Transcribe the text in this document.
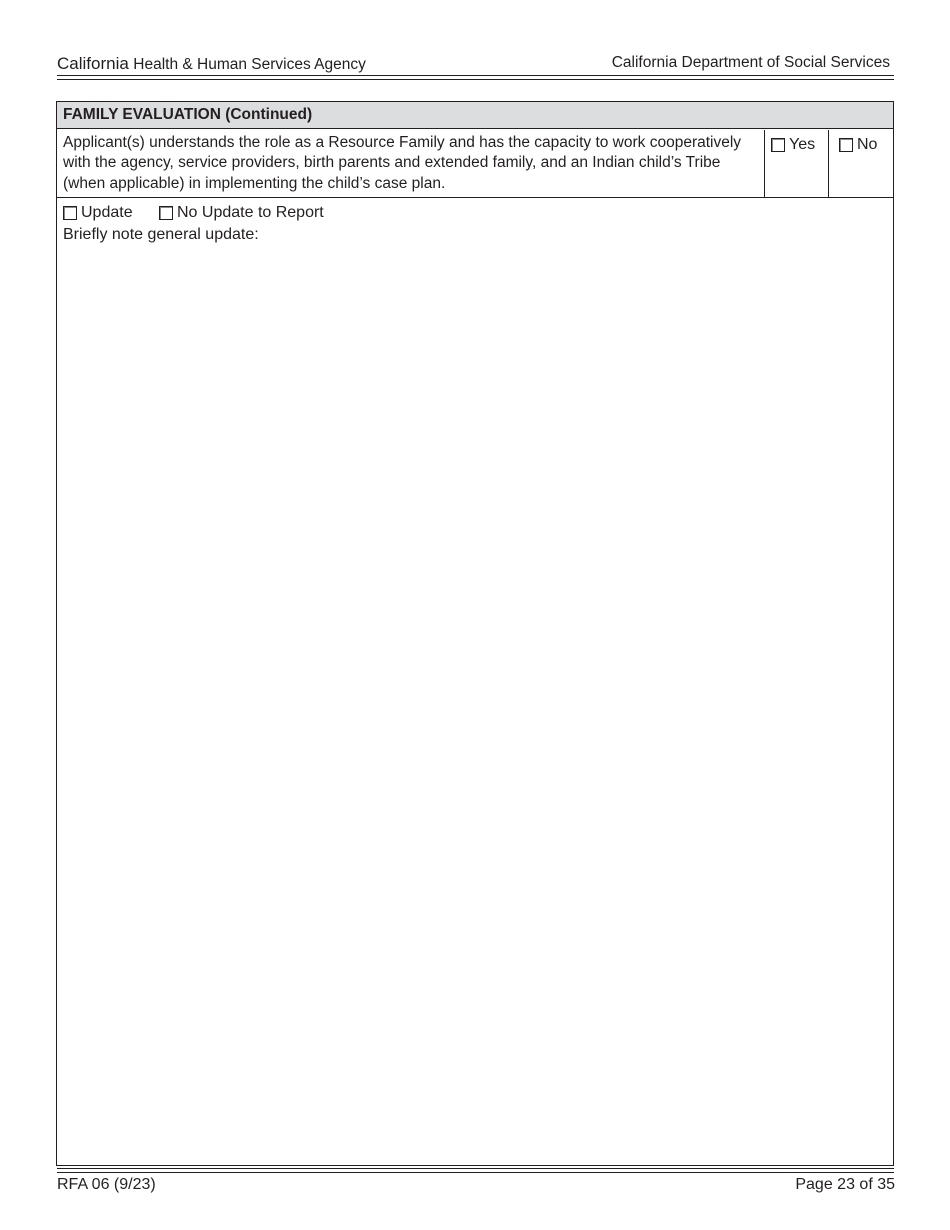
California Health & Human Services Agency	California Department of Social Services
FAMILY EVALUATION (Continued)
Applicant(s) understands the role as a Resource Family and has the capacity to work cooperatively with the agency, service providers, birth parents and extended family, and an Indian child’s Tribe (when applicable) in implementing the child’s case plan.
Yes	No
Update	No Update to Report
Briefly note general update:
RFA 06 (9/23)	Page 23 of 35
